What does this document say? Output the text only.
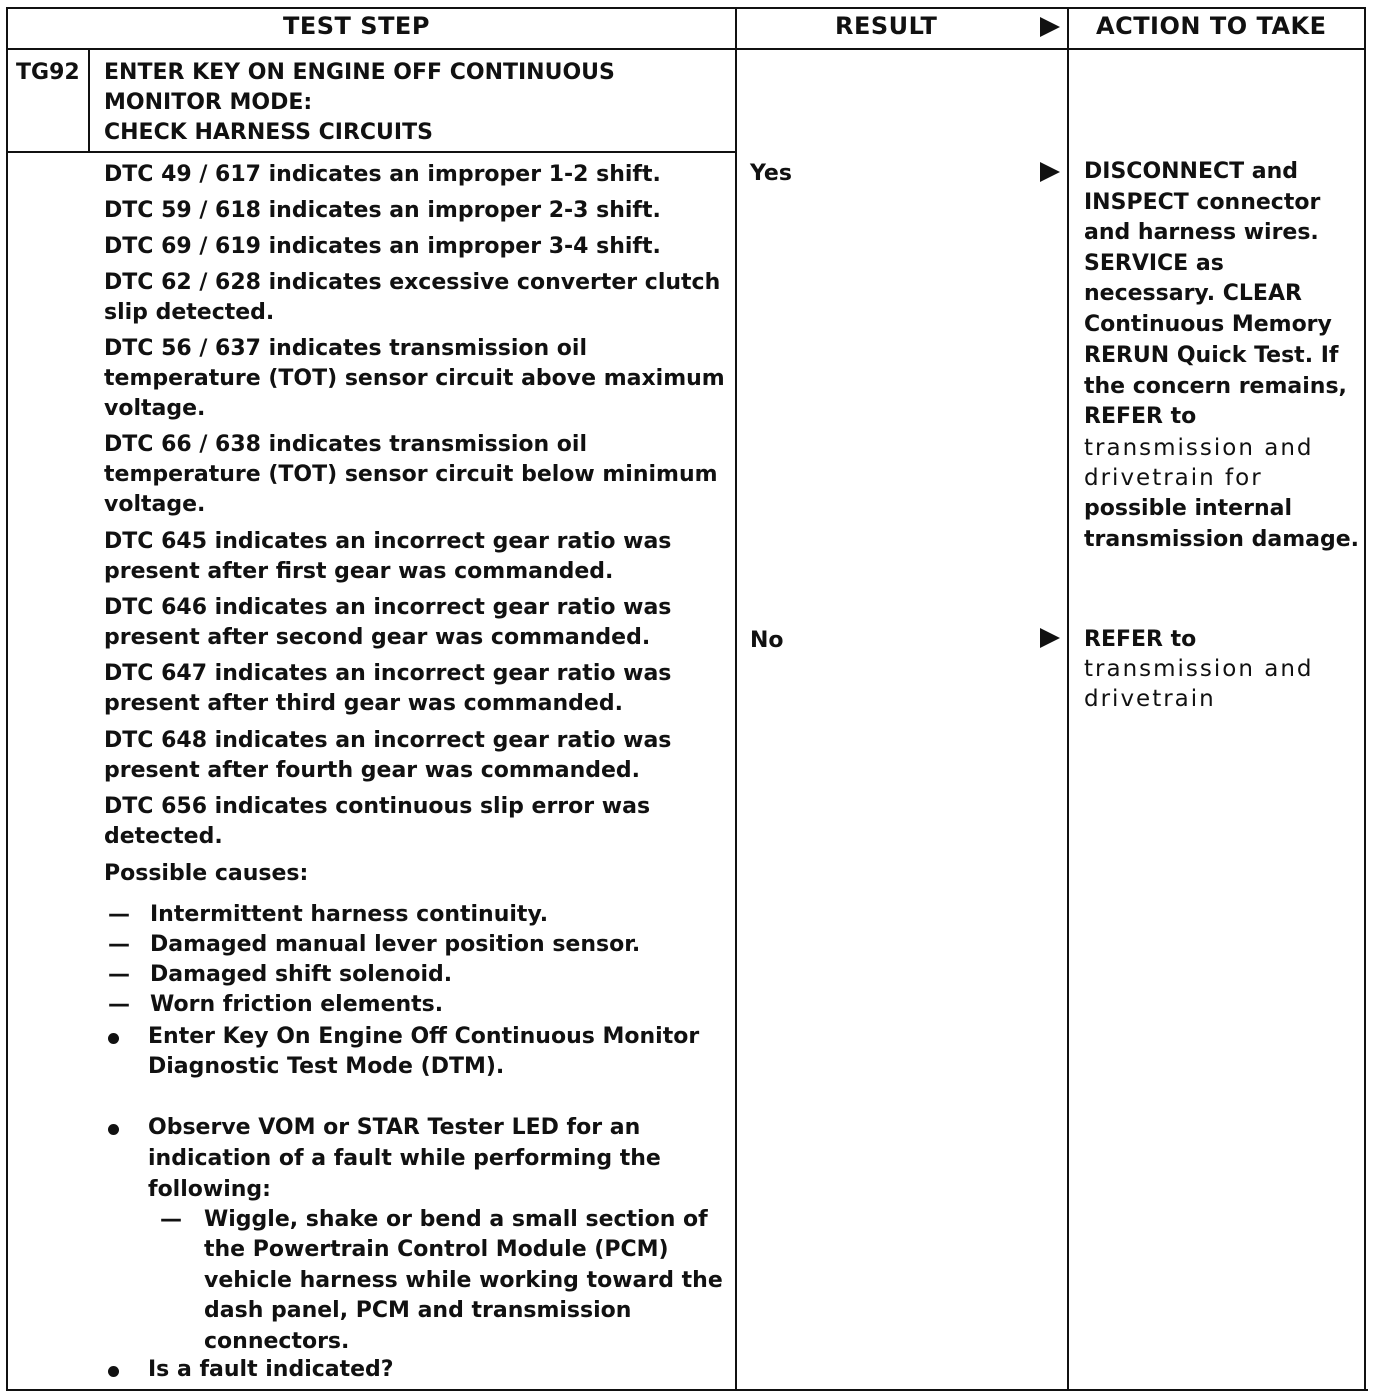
TEST STEP	RESULT	ACTION TO TAKE
TG92 ENTER KEY ON ENGINE OFF CONTINUOUS
MONITOR MODE:
CHECK HARNESS CIRCUITS
DTC 49 / 617 indicates an improper 1-2 shift.
DTC 59 / 618 indicates an improper 2-3 shift.
DTC 69 / 619 indicates an improper 3-4 shift.
DTC 62 / 628 indicates excessive converter clutch
slip detected.
DTC 56 / 637 indicates transmission oil
temperature (TOT) sensor circuit above maximum
voltage.
DTC 66 / 638 indicates transmission oil
temperature (TOT) sensor circuit below minimum
voltage.
DTC 645 indicates an incorrect gear ratio was
present after first gear was commanded.
DTC 646 indicates an incorrect gear ratio was
present after second gear was commanded.
DTC 647 indicates an incorrect gear ratio was
present after third gear was commanded.
DTC 648 indicates an incorrect gear ratio was
present after fourth gear was commanded.
DTC 656 indicates continuous slip error was
detected.
Possible causes:
— Intermittent harness continuity.
— Damaged manual lever position sensor.
— Damaged shift solenoid.
— Worn friction elements.
Enter Key On Engine Off Continuous Monitor
Diagnostic Test Mode (DTM).
Observe VOM or STAR Tester LED for an
indication of a fault while performing the
following:
— Wiggle, shake or bend a small section of
the Powertrain Control Module (PCM)
vehicle harness while working toward the
dash panel, PCM and transmission
connectors.
Is a fault indicated?
Yes
No
DISCONNECT and
INSPECT connector
and harness wires.
SERVICE as
necessary. CLEAR
Continuous Memory
RERUN Quick Test. If
the concern remains,
REFER to
transmission and
drivetrain for
possible internal
transmission damage.
REFER to
transmission and
drivetrain
